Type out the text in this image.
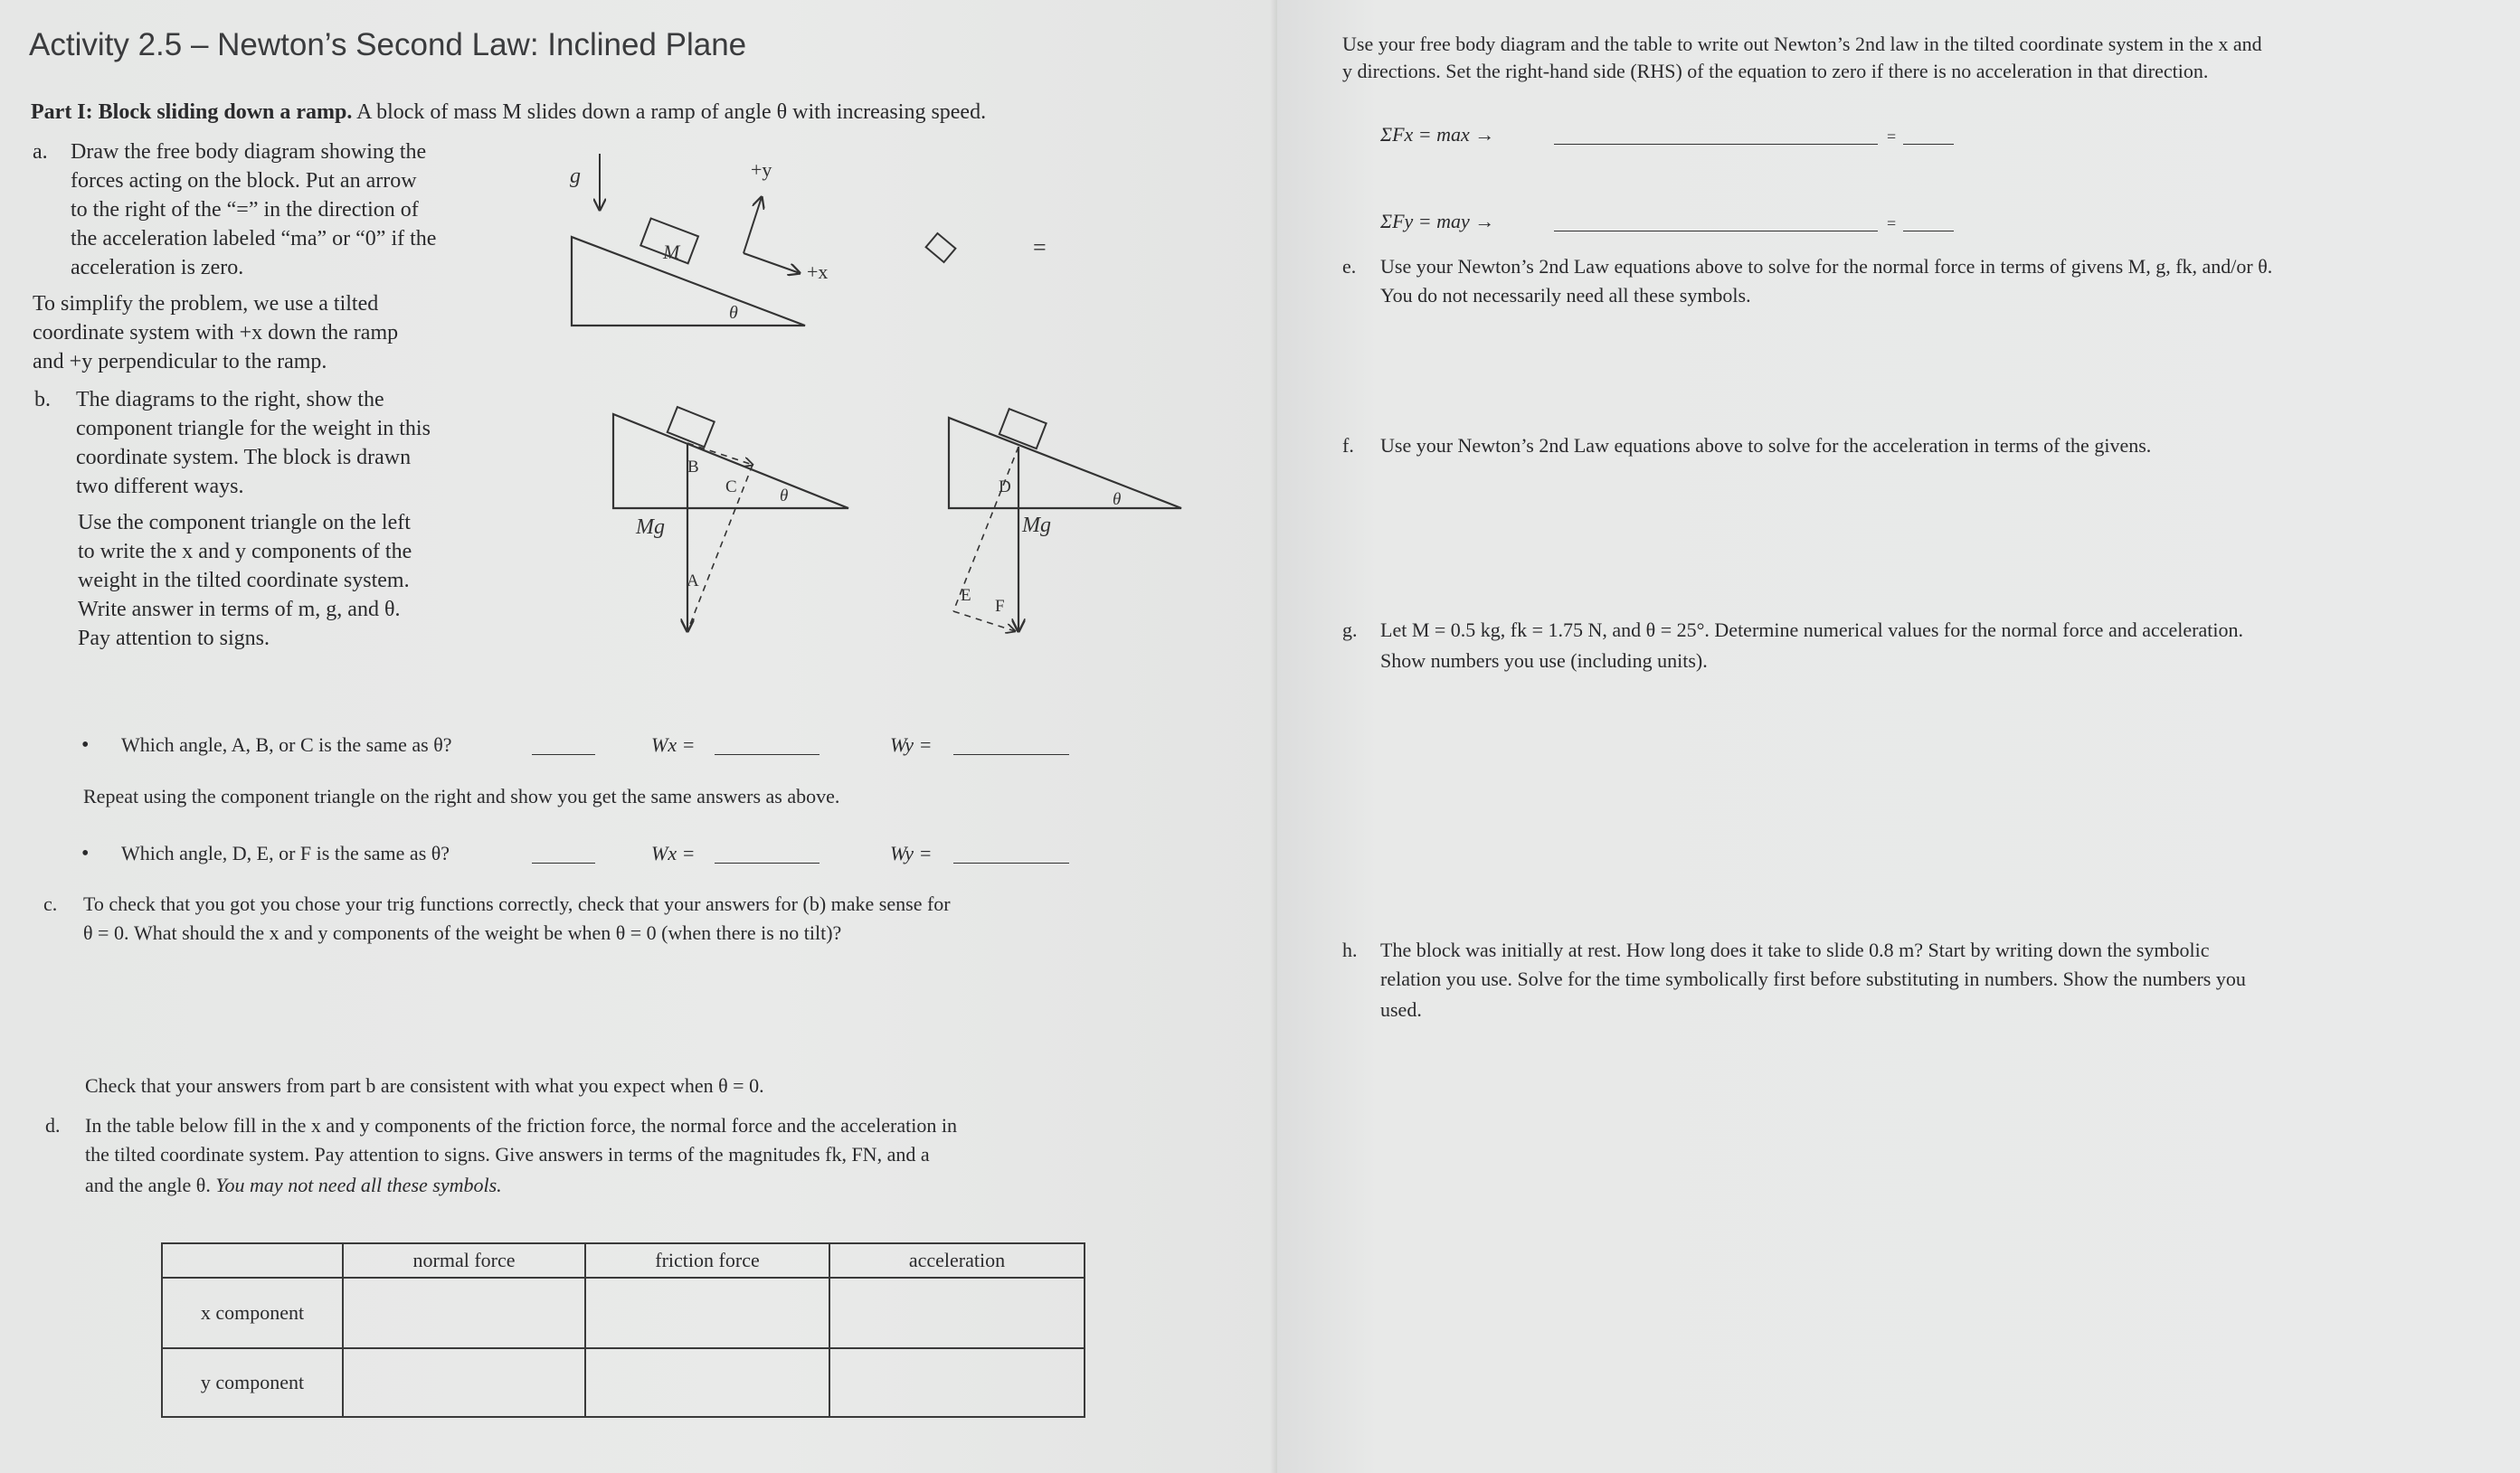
Activity 2.5 – Newton’s Second Law: Inclined Plane
Part I: Block sliding down a ramp. A block of mass M slides down a ramp of angle θ with increasing speed.
a. Draw the free body diagram showing the
forces acting on the block. Put an arrow
to the right of the “=” in the direction of
the acceleration labeled “ma” or “0” if the
acceleration is zero.
To simplify the problem, we use a tilted
coordinate system with +x down the ramp
and +y perpendicular to the ramp.
b. The diagrams to the right, show the
component triangle for the weight in this
coordinate system. The block is drawn
two different ways.
Use the component triangle on the left
to write the x and y components of the
weight in the tilted coordinate system.
Write answer in terms of m, g, and θ.
Pay attention to signs.
g
M
θ
+y
+x
=
Mg
B
C θ
A
Mg
D
E
F
θ
• Which angle, A, B, or C is the same as θ?	Wx =	Wy =
Repeat using the component triangle on the right and show you get the same answers as above.
• Which angle, D, E, or F is the same as θ?	Wx =	Wy =
c. To check that you got you chose your trig functions correctly, check that your answers for (b) make sense for
θ = 0. What should the x and y components of the weight be when θ = 0 (when there is no tilt)?
Check that your answers from part b are consistent with what you expect when θ = 0.
d. In the table below fill in the x and y components of the friction force, the normal force and the acceleration in
the tilted coordinate system. Pay attention to signs. Give answers in terms of the magnitudes fk, FN, and a
and the angle θ. You may not need all these symbols.
	normal force	friction force	acceleration
x component			
y component			
Use your free body diagram and the table to write out Newton’s 2nd law in the tilted coordinate system in the x and
y directions. Set the right-hand side (RHS) of the equation to zero if there is no acceleration in that direction.
ΣFx = max →	=
ΣFy = may →	=
e. Use your Newton’s 2nd Law equations above to solve for the normal force in terms of givens M, g, fk, and/or θ.
You do not necessarily need all these symbols.
f. Use your Newton’s 2nd Law equations above to solve for the acceleration in terms of the givens.
g. Let M = 0.5 kg, fk = 1.75 N, and θ = 25°. Determine numerical values for the normal force and acceleration.
Show numbers you use (including units).
h. The block was initially at rest. How long does it take to slide 0.8 m? Start by writing down the symbolic
relation you use. Solve for the time symbolically first before substituting in numbers. Show the numbers you
used.
